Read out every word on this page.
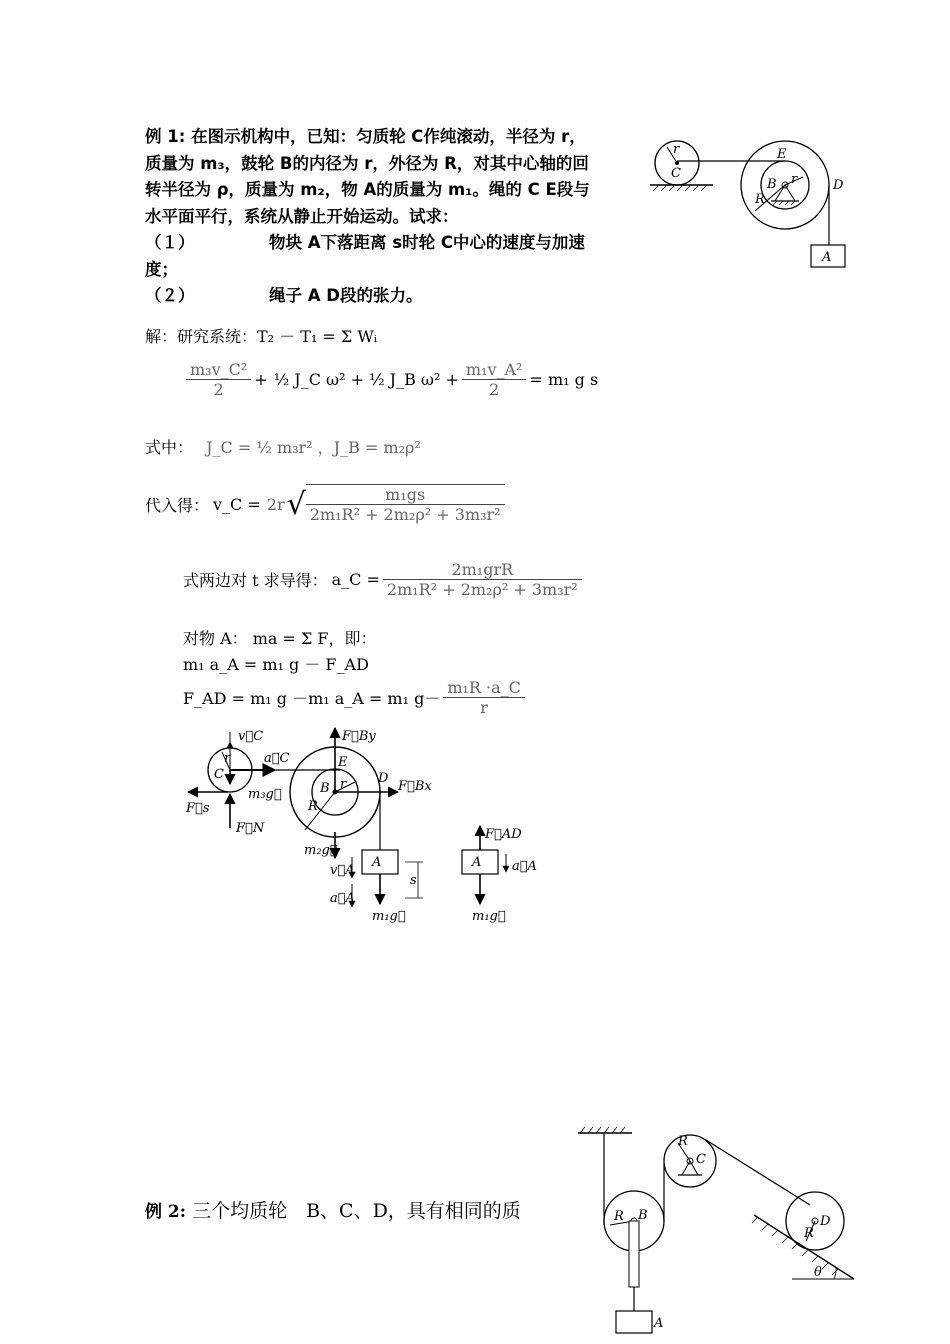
例 1: 在图示机构中，已知：匀质轮 C作纯滚动，半径为 r，
质量为 m₃，鼓轮 B的内径为 r，外径为 R，对其中心轴的回
转半径为 ρ，质量为 m₂，物 A的质量为 m₁。绳的 C E段与
水平面平行，系统从静止开始运动。试求：
（１）	物块 A下落距离 s时轮 C中心的速度与加速
度；
（２）	绳子 A D段的张力。
r
C
E
B r
R
D
A
解：研究系统：T₂ － T₁ = Σ Wᵢ
$\frac{\text{m₃v\_C²}}{2}$ + ½ J_C ω² + ½ J_B $\omega^2 + \frac{\text{m₁v\_A²}}{2} = m_1$ g s
式中： J_C = ½ m₃r² ，J_B = m₂ρ²
代入得： v_C = 2r √ $\frac{\text{m₁gs}}{\text{2m₁R² + 2m₂ρ² + 3m₃r²}}$
式两边对 t 求导得： a_C = $\frac{\text{2m₁grR}}{\text{2m₁R² + 2m₂ρ² + 3m₃r²}}$
对物 A： ma = Σ F，即：
m₁ a_A = m₁ g － F_AD
F_AD = m₁ g －m₁ a_A = m₁ $g- \frac{\text{m₁R ·a\_C}}{r}$
v⃗C
a⃗C
m₃g⃗
F⃗s
F⃗N
C
r
F⃗By
F⃗Bx
E
B r
R
D
m₂g⃗
v⃗A
a⃗A
A
m₁g⃗
s
F⃗AD
A a⃗A
m₁g⃗
例 2: 三个均质轮　B、C、D，具有相同的质	R B
R
C
D
R
θ
A
